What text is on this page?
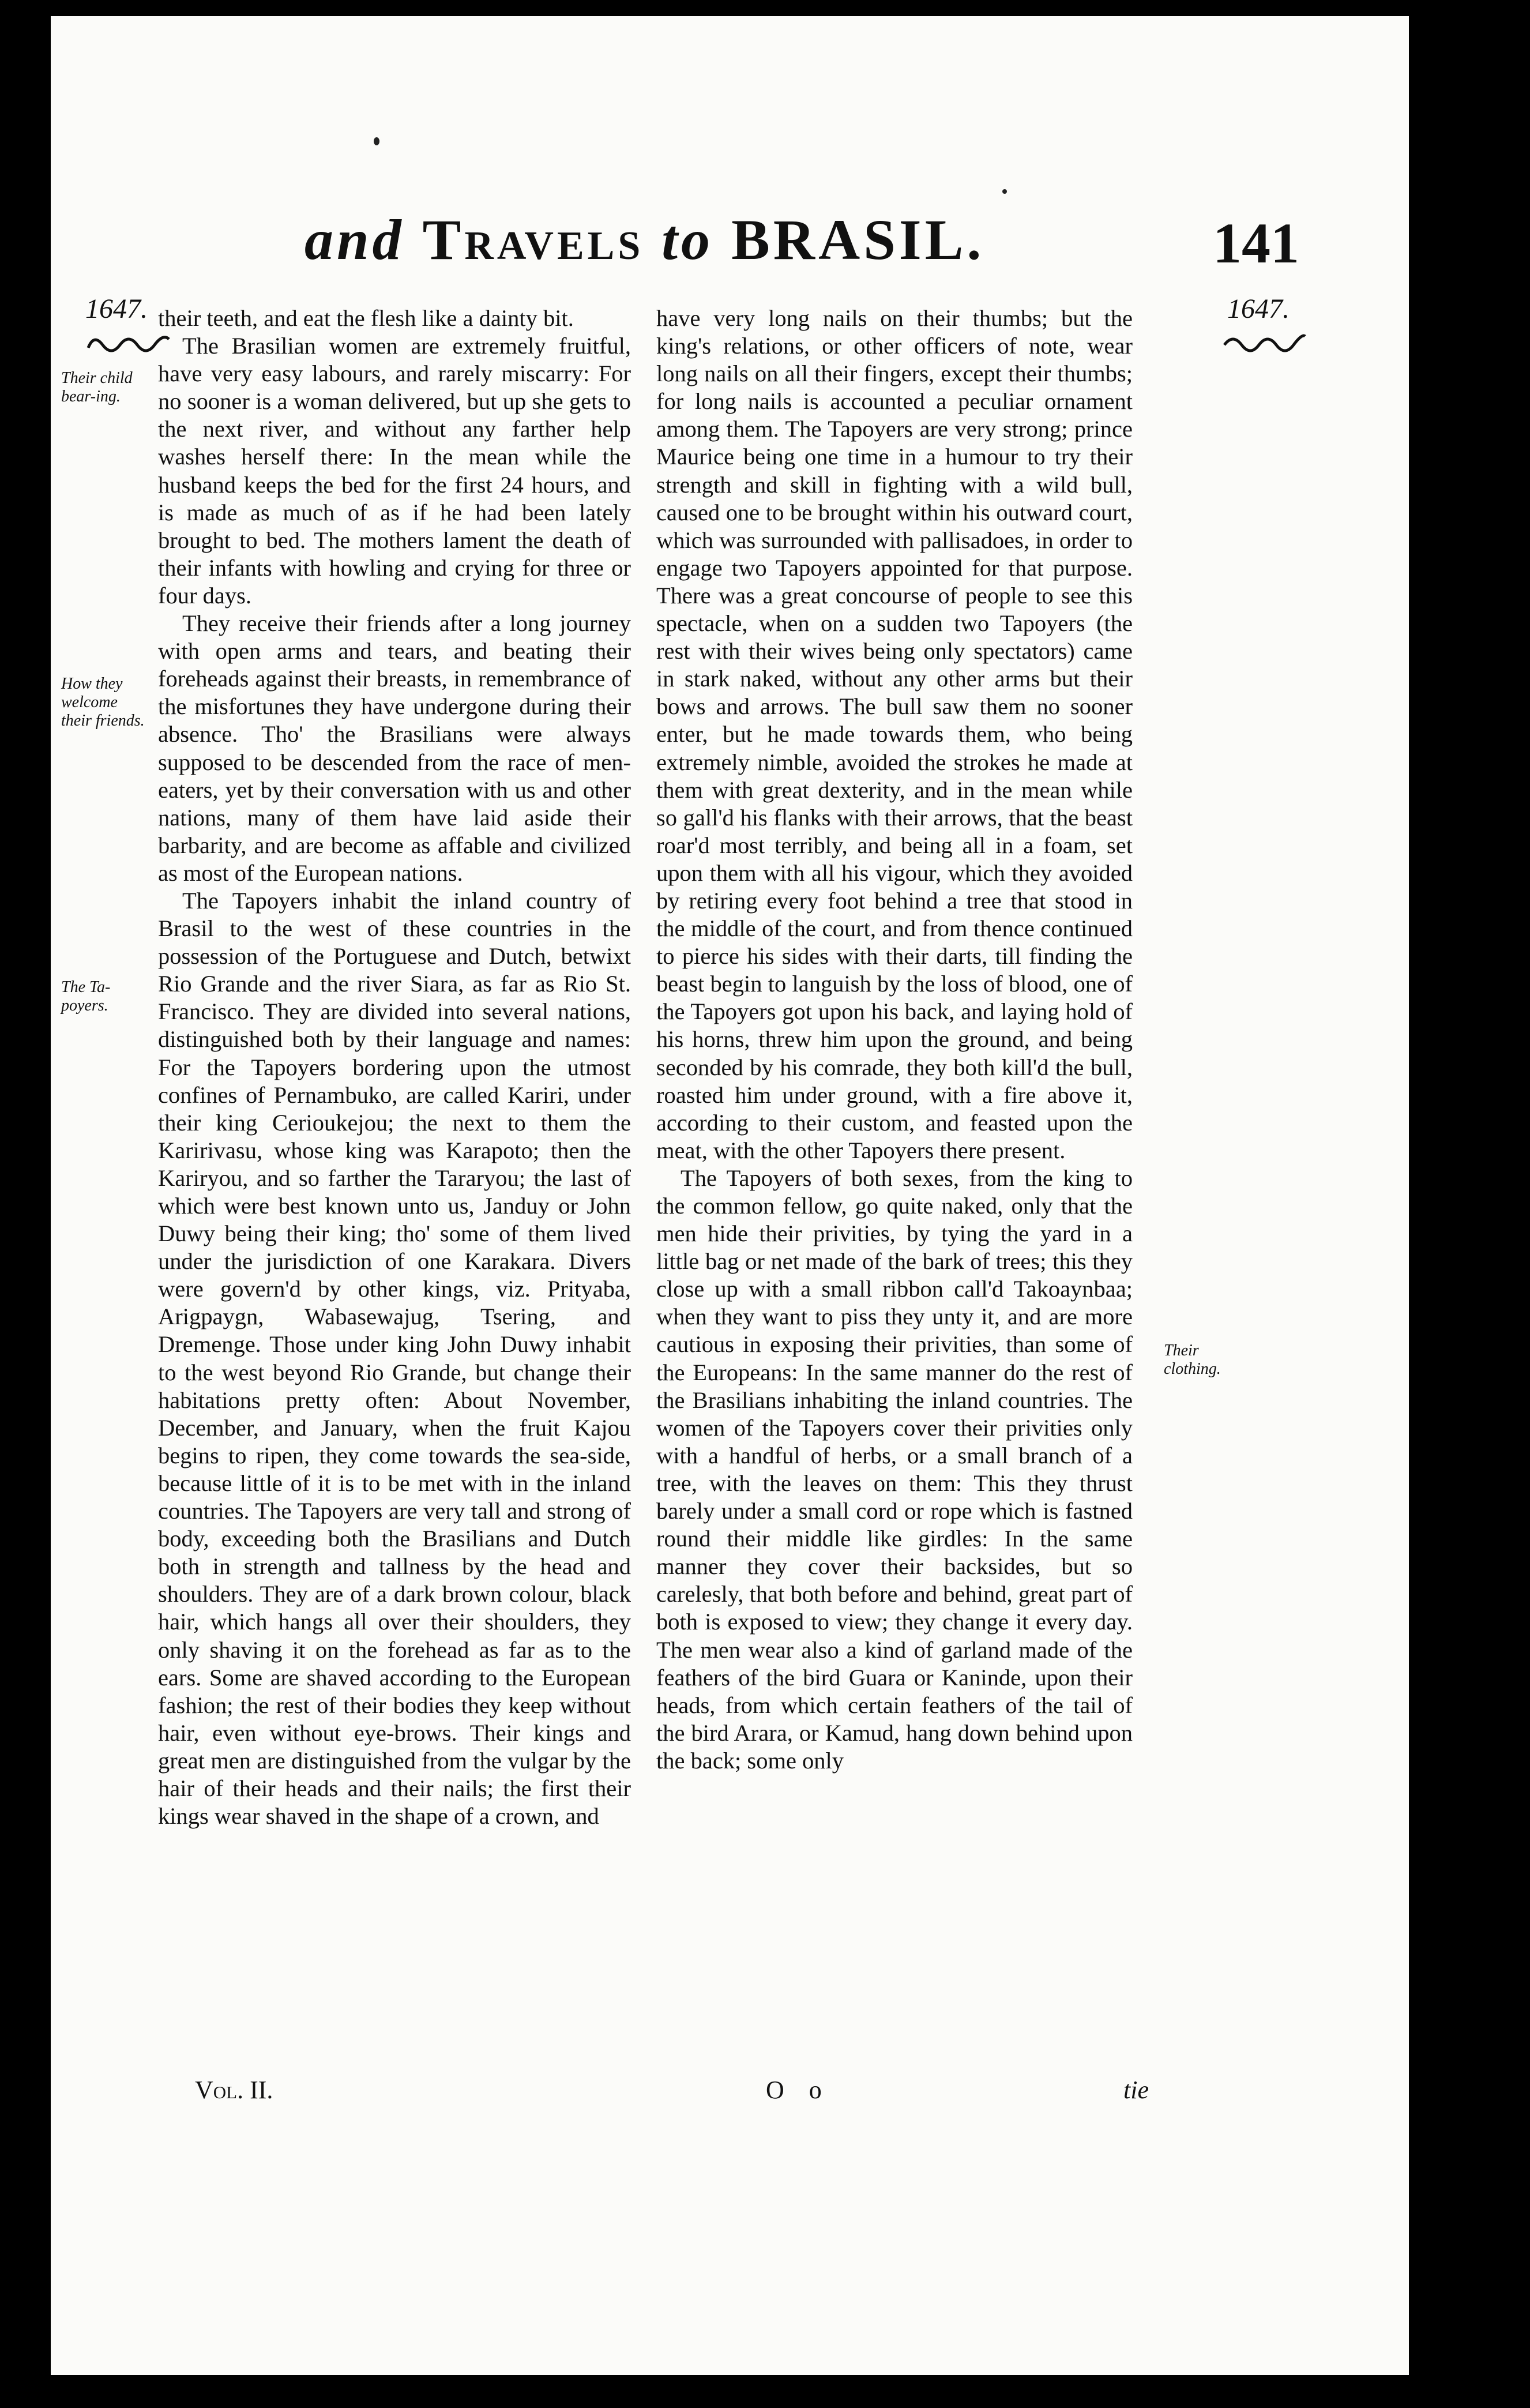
and Travels to BRASIL.	141
1647.	1647.
Their child bear-ing.
How they welcome their friends.
The Ta-poyers.
Their clothing.

their teeth, and eat the flesh like a dainty bit.

The Brasilian women are extremely fruitful, have very easy labours, and rarely miscarry: For no sooner is a woman delivered, but up she gets to the next river, and without any farther help washes herself there: In the mean while the husband keeps the bed for the first 24 hours, and is made as much of as if he had been lately brought to bed. The mothers lament the death of their infants with howling and crying for three or four days.

They receive their friends after a long journey with open arms and tears, and beating their foreheads against their breasts, in remembrance of the misfortunes they have undergone during their absence. Tho' the Brasilians were always supposed to be descended from the race of men-eaters, yet by their conversation with us and other nations, many of them have laid aside their barbarity, and are become as affable and civilized as most of the European nations.

The Tapoyers inhabit the inland country of Brasil to the west of these countries in the possession of the Portuguese and Dutch, betwixt Rio Grande and the river Siara, as far as Rio St. Francisco. They are divided into several nations, distinguished both by their language and names: For the Tapoyers bordering upon the utmost confines of Pernambuko, are called Kariri, under their king Cerioukejou; the next to them the Karirivasu, whose king was Karapoto; then the Kariryou, and so farther the Tararyou; the last of which were best known unto us, Janduy or John Duwy being their king; tho' some of them lived under the jurisdiction of one Karakara. Divers were govern'd by other kings, viz. Prityaba, Arigpaygn, Wabasewajug, Tsering, and Dremenge. Those under king John Duwy inhabit to the west beyond Rio Grande, but change their habitations pretty often: About November, December, and January, when the fruit Kajou begins to ripen, they come towards the sea-side, because little of it is to be met with in the inland countries. The Tapoyers are very tall and strong of body, exceeding both the Brasilians and Dutch both in strength and tallness by the head and shoulders. They are of a dark brown colour, black hair, which hangs all over their shoulders, they only shaving it on the forehead as far as to the ears. Some are shaved according to the European fashion; the rest of their bodies they keep without hair, even without eye-brows. Their kings and great men are distinguished from the vulgar by the hair of their heads and their nails; the first their kings wear shaved in the shape of a crown, and

have very long nails on their thumbs; but the king's relations, or other officers of note, wear long nails on all their fingers, except their thumbs; for long nails is accounted a peculiar ornament among them. The Tapoyers are very strong; prince Maurice being one time in a humour to try their strength and skill in fighting with a wild bull, caused one to be brought within his outward court, which was surrounded with pallisadoes, in order to engage two Tapoyers appointed for that purpose. There was a great concourse of people to see this spectacle, when on a sudden two Tapoyers (the rest with their wives being only spectators) came in stark naked, without any other arms but their bows and arrows. The bull saw them no sooner enter, but he made towards them, who being extremely nimble, avoided the strokes he made at them with great dexterity, and in the mean while so gall'd his flanks with their arrows, that the beast roar'd most terribly, and being all in a foam, set upon them with all his vigour, which they avoided by retiring every foot behind a tree that stood in the middle of the court, and from thence continued to pierce his sides with their darts, till finding the beast begin to languish by the loss of blood, one of the Tapoyers got upon his back, and laying hold of his horns, threw him upon the ground, and being seconded by his comrade, they both kill'd the bull, roasted him under ground, with a fire above it, according to their custom, and feasted upon the meat, with the other Tapoyers there present.

The Tapoyers of both sexes, from the king to the common fellow, go quite naked, only that the men hide their privities, by tying the yard in a little bag or net made of the bark of trees; this they close up with a small ribbon call'd Takoaynbaa; when they want to piss they unty it, and are more cautious in exposing their privities, than some of the Europeans: In the same manner do the rest of the Brasilians inhabiting the inland countries. The women of the Tapoyers cover their privities only with a handful of herbs, or a small branch of a tree, with the leaves on them: This they thrust barely under a small cord or rope which is fastned round their middle like girdles: In the same manner they cover their backsides, but so carelesly, that both before and behind, great part of both is exposed to view; they change it every day. The men wear also a kind of garland made of the feathers of the bird Guara or Kaninde, upon their heads, from which certain feathers of the tail of the bird Arara, or Kamud, hang down behind upon the back; some only

Vol. II.	O o	tie
